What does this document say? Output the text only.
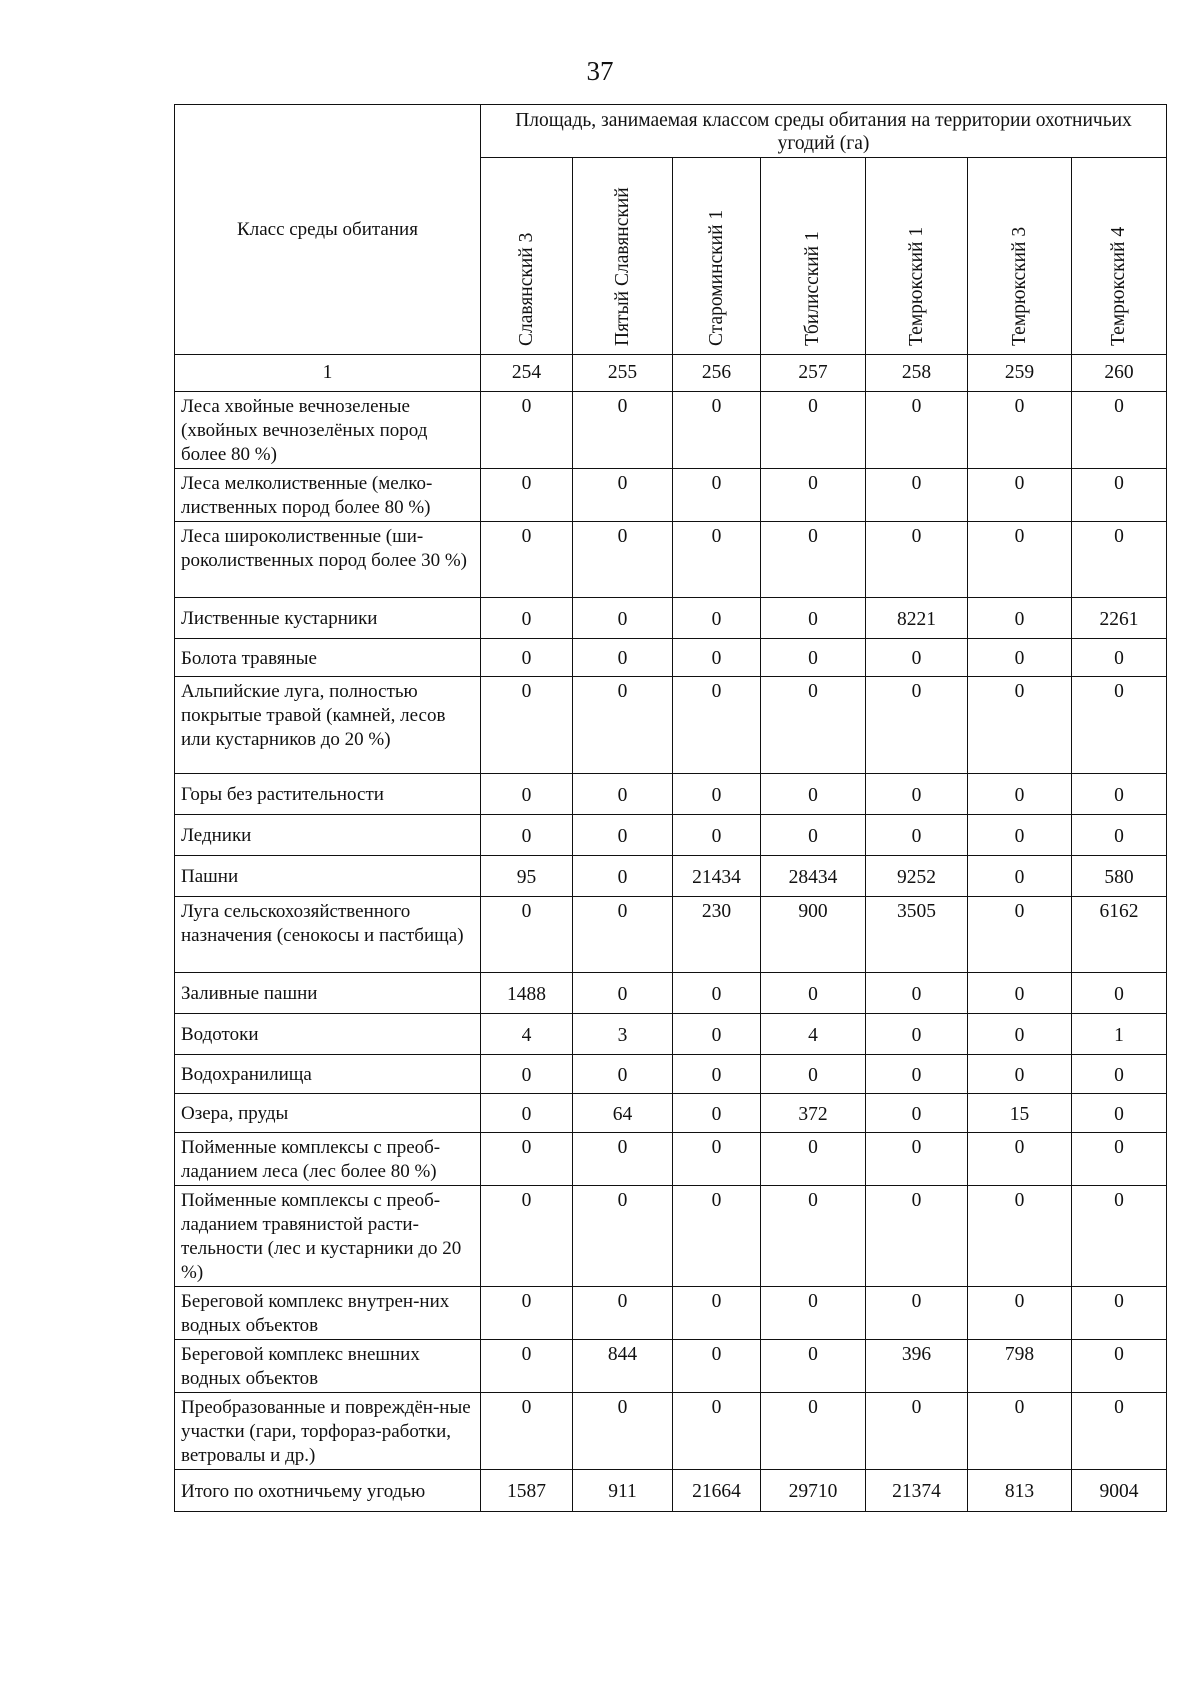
37
Класс среды обитания	Площадь, занимаемая классом среды обитания на территории охотничьих угодий (га)						

	Славянский 3	Пятый Славянский	Староминский 1	Тбилисский 1	Темрюкский 1	Темрюкский 3	Темрюкский 4

1	254	255	256	257	258	259	260
Леса хвойные вечнозеленые (хвойных вечнозелёных пород более 80 %)	0	0	0	0	0	0	0
Леса мелколиственные (мелко-лиственных пород более 80 %)	0	0	0	0	0	0	0
Леса широколиственные (ши-роколиственных пород более 30 %)	0	0	0	0	0	0	0
Лиственные кустарники	0	0	0	0	8221	0	2261
Болота травяные	0	0	0	0	0	0	0
Альпийские луга, полностью покрытые травой (камней, лесов или кустарников до 20 %)	0	0	0	0	0	0	0
Горы без растительности	0	0	0	0	0	0	0
Ледники	0	0	0	0	0	0	0
Пашни	95	0	21434	28434	9252	0	580
Луга сельскохозяйственного назначения (сенокосы и пастбища)	0	0	230	900	3505	0	6162
Заливные пашни	1488	0	0	0	0	0	0
Водотоки	4	3	0	4	0	0	1
Водохранилища	0	0	0	0	0	0	0
Озера, пруды	0	64	0	372	0	15	0
Пойменные комплексы с преоб-ладанием леса (лес более 80 %)	0	0	0	0	0	0	0
Пойменные комплексы с преоб-ладанием травянистой расти-тельности (лес и кустарники до 20 %)	0	0	0	0	0	0	0
Береговой комплекс внутрен-них водных объектов	0	0	0	0	0	0	0
Береговой комплекс внешних водных объектов	0	844	0	0	396	798	0
Преобразованные и повреждён-ные участки (гари, торфораз-работки, ветровалы и др.)	0	0	0	0	0	0	0
Итого по охотничьему угодью	1587	911	21664	29710	21374	813	9004
